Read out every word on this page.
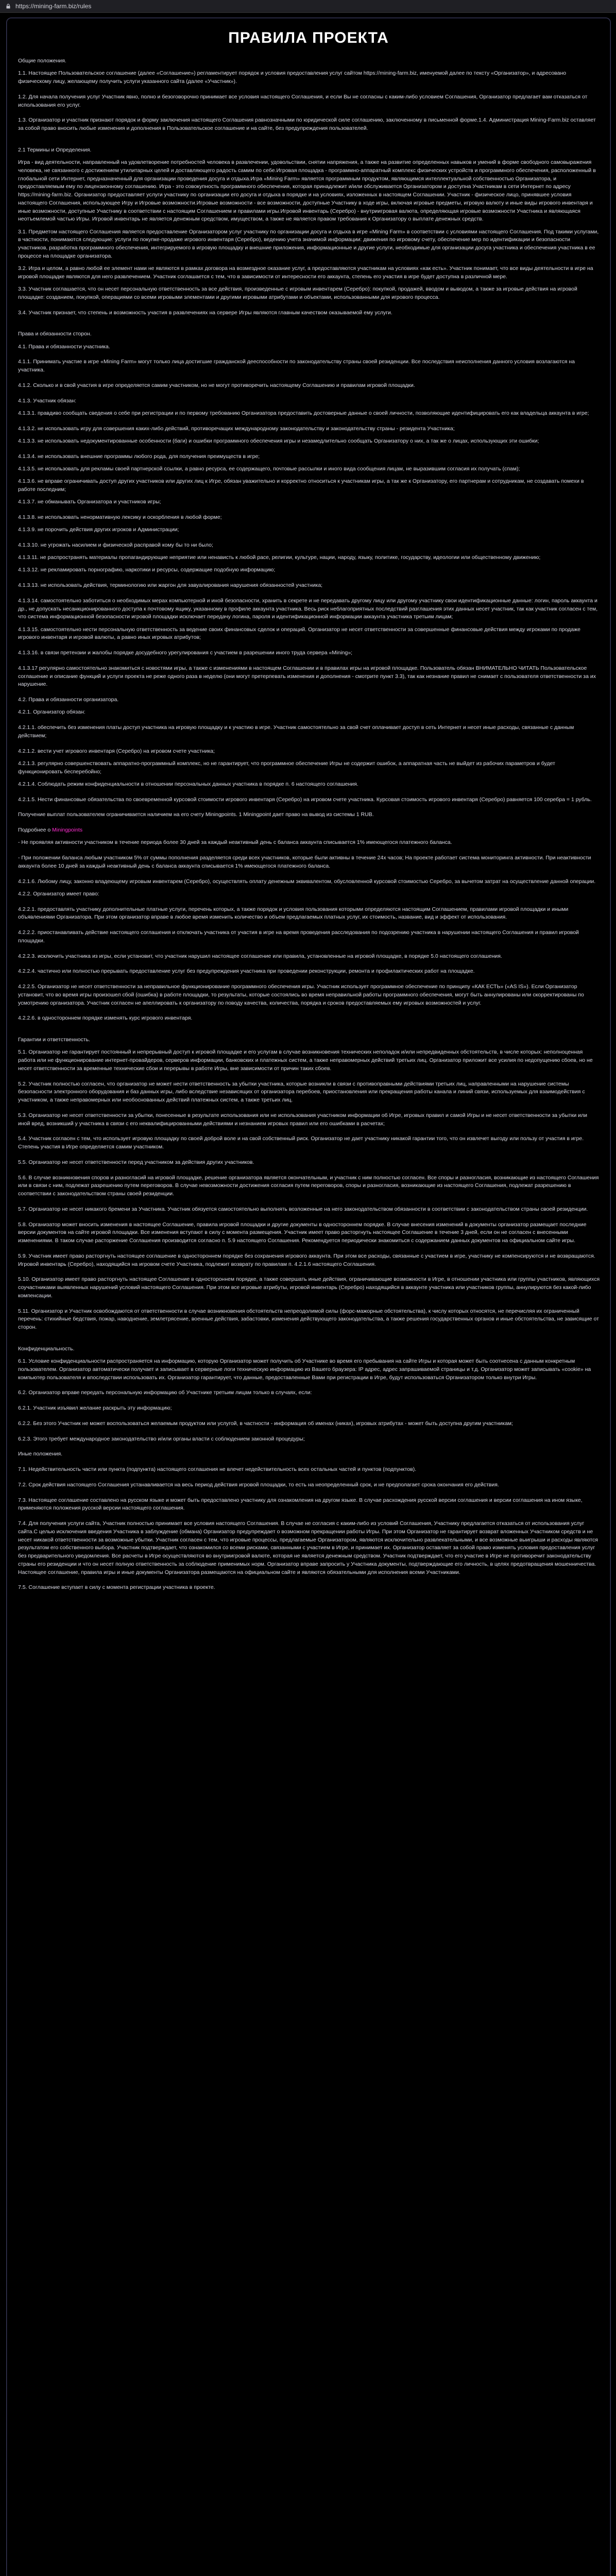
https://mining-farm.biz/rules
ПРАВИЛА ПРОЕКТА

Общие положения.

1.1. Настоящее Пользовательское соглашение (далее «Соглашение») регламентирует порядок и условия предоставления услуг сайтом https://mining-farm.biz, именуемой далее по тексту «Организатор», и адресовано физическому лицу, желающему получить услуги указанного сайта (далее «Участник»).

1.2. Для начала получения услуг Участник явно, полно и безоговорочно принимает все условия настоящего Соглашения, и если Вы не согласны с каким-либо условием Соглашения, Организатор предлагает вам отказаться от использования его услуг.

1.3. Организатор и участник признают порядок и форму заключения настоящего Соглашения равнозначными по юридической силе соглашению, заключенному в письменной форме.1.4. Администрация Mining-Farm.biz оставляет за собой право вносить любые изменения и дополнения в Пользовательское соглашение и на сайте, без предупреждения пользователей.

2.1 Термины и Определения.

Игра - вид деятельности, направленный на удовлетворение потребностей человека в развлечении, удовольствии, снятии напряжения, а также на развитие определенных навыков и умений в форме свободного самовыражения человека, не связанного с достижением утилитарных целей и доставляющего радость самим по себе.Игровая площадка - программно-аппаратный комплекс физических устройств и программного обеспечения, расположенный в глобальной сети Интернет, предназначенный для организации проведения досуга и отдыха.Игра «Mining Farm» является программным продуктом, являющимся интеллектуальной собственностью Организатора, и предоставляемым ему по лицензионному соглашению. Игра - это совокупность программного обеспечения, которая принадлежит и/или обслуживается Организатором и доступна Участникам в сети Интернет по адресу https://mining-farm.biz. Организатор предоставляет услуги участнику по организации его досуга и отдыха в порядке и на условиях, изложенных в настоящем Соглашении. Участник - физическое лицо, принявшее условия настоящего Соглашения, использующее Игру и Игровые возможности.Игровые возможности - все возможности, доступные Участнику в ходе игры, включая игровые предметы, игровую валюту и иные виды игрового инвентаря и иные возможности, доступные Участнику в соответствии с настоящим Соглашением и правилами игры.Игровой инвентарь (Серебро) - внутриигровая валюта, определяющая игровые возможности Участника и являющаяся неотъемлемой частью Игры. Игровой инвентарь не является денежным средством, имуществом, а также не является правом требования к Организатору о выплате денежных средств.

3.1. Предметом настоящего Соглашения является предоставление Организатором услуг участнику по организации досуга и отдыха в игре «Mining Farm» в соответствии с условиями настоящего Соглашения. Под такими услугами, в частности, понимаются следующие: услуги по покупке-продаже игрового инвентаря (Серебро), ведению учета значимой информации: движения по игровому счету, обеспечение мер по идентификации и безопасности участников, разработка программного обеспечения, интегрируемого в игровую площадку и внешние приложения, информационные и другие услуги, необходимые для организации досуга участника и обеспечения участника в ее процессе на площадке организатора.

3.2. Игра и целом, а равно любой ее элемент нами не являются в рамках договора на возмездное оказание услуг, а предоставляются участникам на условиях «как есть». Участник понимает, что все виды деятельности в игре на игровой площадке являются для него развлечением. Участник соглашается с тем, что в зависимости от интересности его аккаунта, степень его участия в игре будет доступна в различной мере.

3.3. Участник соглашается, что он несет персональную ответственность за все действия, произведенные с игровым инвентарем (Серебро): покупкой, продажей, вводом и выводом, а также за игровые действия на игровой площадке: созданием, покупкой, операциями со всеми игровыми элементами и другими игровыми атрибутами и объектами, использованными для игрового процесса.

3.4. Участник признает, что степень и возможность участия в развлечениях на сервере Игры являются главным качеством оказываемой ему услуги.

Права и обязанности сторон.

4.1. Права и обязанности участника.

4.1.1. Принимать участие в игре «Mining Farm» могут только лица достигшие гражданской дееспособности по законодательству страны своей резиденции. Все последствия неисполнения данного условия возлагаются на участника.

4.1.2. Сколько и в свой участия в игре определяется самим участником, но не могут противоречить настоящему Соглашению и правилам игровой площадки.

4.1.3. Участник обязан:

4.1.3.1. правдиво сообщать сведения о себе при регистрации и по первому требованию Организатора предоставить достоверные данные о своей личности, позволяющие идентифицировать его как владельца аккаунта в игре;

4.1.3.2. не использовать игру для совершения каких-либо действий, противоречащих международному законодательству и законодательству страны - резидента Участника;

4.1.3.3. не использовать недокументированные особенности (баги) и ошибки программного обеспечения игры и незамедлительно сообщать Организатору о них, а так же о лицах, использующих эти ошибки;

4.1.3.4. не использовать внешние программы любого рода, для получения преимуществ в игре;

4.1.3.5. не использовать для рекламы своей партнерской ссылки, а равно ресурса, ее содержащего, почтовые рассылки и иного вида сообщения лицам, не выразившим согласия их получать (спам);

4.1.3.6. не вправе ограничивать доступ других участников или других лиц к Игре, обязан уважительно и корректно относиться к участникам игры, а так же к Организатору, его партнерам и сотрудникам, не создавать помехи в работе последним;

4.1.3.7. не обманывать Организатора и участников игры;

4.1.3.8. не использовать ненормативную лексику и оскорбления в любой форме;

4.1.3.9. не порочить действия других игроков и Администрации;

4.1.3.10. не угрожать насилием и физической расправой кому бы то ни было;

4.1.3.11. не распространять материалы пропагандирующие неприятие или ненависть к любой расе, религии, культуре, нации, народу, языку, политике, государству, идеологии или общественному движению;

4.1.3.12. не рекламировать порнографию, наркотики и ресурсы, содержащие подобную информацию;

4.1.3.13. не использовать действия, терминологию или жаргон для завуалирования нарушения обязанностей участника;

4.1.3.14. самостоятельно заботиться о необходимых мерах компьютерной и иной безопасности, хранить в секрете и не передавать другому лицу или другому участнику свои идентификационные данные: логин, пароль аккаунта и др., не допускать несанкционированного доступа к почтовому ящику, указанному в профиле аккаунта участника. Весь риск неблагоприятных последствий разглашения этих данных несет участник, так как участник согласен с тем, что система информационной безопасности игровой площадки исключает передачу логина, пароля и идентификационной информации аккаунта участника третьим лицам;

4.1.3.15. самостоятельно нести персональную ответственность за ведение своих финансовых сделок и операций. Организатор не несет ответственности за совершенные финансовые действия между игроками по продаже игрового инвентаря и игровой валюты, а равно иных игровых атрибутов;

4.1.3.16. в связи претензии и жалобы порядке досудебного урегулирования с участием в разрешении иного труда сервера «Mining»;

4.1.3.17 регулярно самостоятельно знакомиться с новостями игры, а также с изменениями в настоящем Соглашении и в правилах игры на игровой площадке. Пользователь обязан ВНИМАТЕЛЬНО ЧИТАТЬ Пользовательское соглашение и описание функций и услуги проекта не реже одного раза в неделю (они могут претерпевать изменения и дополнения - смотрите пункт 3.3), так как незнание правил не снимает с пользователя ответственности за их нарушение.

4.2. Права и обязанности организатора.

4.2.1. Организатор обязан:

4.2.1.1. обеспечить без изменения платы доступ участника на игровую площадку и к участию в игре. Участник самостоятельно за свой счет оплачивает доступ в сеть Интернет и несет иные расходы, связанные с данным действием;

4.2.1.2. вести учет игрового инвентаря (Серебро) на игровом счете участника;

4.2.1.3. регулярно совершенствовать аппаратно-программный комплекс, но не гарантирует, что программное обеспечение Игры не содержит ошибок, а аппаратная часть не выйдет из рабочих параметров и будет функционировать бесперебойно;

4.2.1.4. Соблюдать режим конфиденциальности в отношении персональных данных участника в порядке п. 6 настоящего соглашения.

4.2.1.5. Нести финансовые обязательства по своевременной курсовой стоимости игрового инвентаря (Серебро) на игровом счете участника. Курсовая стоимость игрового инвентаря (Серебро) равняется 100 серебра = 1 рубль.

Получение выплат пользователем ограничивается наличием на его счету Miningpoints. 1 Miningpoint дает право на вывод из системы 1 RUB.

Подробнее о Miningpoints

- Не проявляя активности участником в течение периода более 30 дней за каждый неактивный день с баланса аккаунта списывается 1% имеющегося платежного баланса.

- При положении баланса любым участником 5% от суммы пополнения разделяется среди всех участников, которые были активны в течение 24х часов; На проекте работает система мониторинга активности. При неактивности аккаунта более 10 дней за каждый неактивный день с баланса аккаунта списывается 1% имеющегося платежного баланса.

4.2.1.6. Любому лицу, законно владеющему игровым инвентарем (Серебро), осуществлять оплату денежным эквивалентом, обусловленной курсовой стоимостью Серебро, за вычетом затрат на осуществление данной операции.

4.2.2. Организатор имеет право:

4.2.2.1. предоставлять участнику дополнительные платные услуги, перечень которых, а также порядок и условия пользования которыми определяются настоящим Соглашением, правилами игровой площадки и иными объявлениями Организатора. При этом организатор вправе в любое время изменить количество и объем предлагаемых платных услуг, их стоимость, название, вид и эффект от использования.

4.2.2.2. приостанавливать действие настоящего соглашения и отключать участника от участия в игре на время проведения расследования по подозрению участника в нарушении настоящего Соглашения и правил игровой площадки.

4.2.2.3. исключить участника из игры, если установит, что участник нарушил настоящее соглашение или правила, установленные на игровой площадке, в порядке 5.0 настоящего соглашения.

4.2.2.4. частично или полностью прерывать предоставление услуг без предупреждения участника при проведении реконструкции, ремонта и профилактических работ на площадке.

4.2.2.5. Организатор не несет ответственности за неправильное функционирование программного обеспечения игры. Участник использует программное обеспечение по принципу «КАК ЕСТЬ» («AS IS»). Если Организатор установит, что во время игры произошел сбой (ошибка) в работе площадки, то результаты, которые состоялись во время неправильной работы программного обеспечения, могут быть аннулированы или скорректированы по усмотрению организатора. Участник согласен не апеллировать к организатору по поводу качества, количества, порядка и сроков предоставляемых ему игровых возможностей и услуг.

4.2.2.6. в одностороннем порядке изменять курс игрового инвентаря.

Гарантии и ответственность.

5.1. Организатор не гарантирует постоянный и непрерывный доступ к игровой площадке и его услугам в случае возникновения технических неполадок и/или непредвиденных обстоятельств, в числе которых: неполноценная работа или не функционирование интернет-провайдеров, серверов информации, банковских и платежных систем, а также неправомерных действий третьих лиц. Организатор приложит все усилия по недопущению сбоев, но не несет ответственности за временные технические сбои и перерывы в работе Игры, вне зависимости от причин таких сбоев.

5.2. Участник полностью согласен, что организатор не может нести ответственность за убытки участника, которые возникли в связи с противоправными действиями третьих лиц, направленными на нарушение системы безопасности электронного оборудования и баз данных игры, либо вследствие независящих от организатора перебоев, приостановления или прекращения работы канала и линий связи, используемых для взаимодействия с участником, а также неправомерных или необоснованных действий платежных систем, а также третьих лиц.

5.3. Организатор не несет ответственности за убытки, понесенные в результате использования или не использования участником информации об Игре, игровых правил и самой Игры и не несет ответственности за убытки или иной вред, возникший у участника в связи с его неквалифицированными действиями и незнанием игровых правил или его ошибками в расчетах;

5.4. Участник согласен с тем, что использует игровую площадку по своей доброй воле и на свой собственный риск. Организатор не дает участнику никакой гарантии того, что он извлечет выгоду или пользу от участия в игре. Степень участия в Игре определяется самим участником.

5.5. Организатор не несет ответственности перед участником за действия других участников.

5.6. В случае возникновения споров и разногласий на игровой площадке, решение организатора является окончательным, и участник с ним полностью согласен. Все споры и разногласия, возникающие из настоящего Соглашения или в связи с ним, подлежат разрешению путем переговоров. В случае невозможности достижения согласия путем переговоров, споры и разногласия, возникающие из настоящего Соглашения, подлежат разрешению в соответствии с законодательством страны своей резиденции.

5.7. Организатор не несет никакого бремени за Участника. Участник обязуется самостоятельно выполнять возложенные на него законодательством обязанности в соответствии с законодательством страны своей резиденции.

5.8. Организатор может вносить изменения в настоящее Соглашение, правила игровой площадки и другие документы в одностороннем порядке. В случае внесения изменений в документы организатор размещает последние версии документов на сайте игровой площадки. Все изменения вступают в силу с момента размещения. Участник имеет право расторгнуть настоящее Соглашение в течение 3 дней, если он не согласен с внесенными изменениями. В таком случае расторжение Соглашения производится согласно п. 5.9 настоящего Соглашения. Рекомендуется периодически знакомиться с содержанием данных документов на официальном сайте игры.

5.9. Участник имеет право расторгнуть настоящее соглашение в одностороннем порядке без сохранения игрового аккаунта. При этом все расходы, связанные с участием в игре, участнику не компенсируются и не возвращаются. Игровой инвентарь (Серебро), находящийся на игровом счете Участника, подлежит возврату по правилам п. 4.2.1.6 настоящего Соглашения.

5.10. Организатор имеет право расторгнуть настоящее Соглашение в одностороннем порядке, а также совершать иные действия, ограничивающие возможности в Игре, в отношении участника или группы участников, являющихся соучастниками выявленных нарушений условий настоящего Соглашения. При этом все игровые атрибуты, игровой инвентарь (Серебро) находящийся в аккаунте участника или участников группы, аннулируются без какой-либо компенсации.

5.11. Организатор и Участник освобождаются от ответственности в случае возникновения обстоятельств непреодолимой силы (форс-мажорные обстоятельства), к числу которых относятся, не перечисляя их ограниченный перечень: стихийные бедствия, пожар, наводнение, землетрясение, военные действия, забастовки, изменения действующего законодательства, а также решения государственных органов и иные обстоятельства, не зависящие от сторон.

Конфиденциальность.

6.1. Условие конфиденциальности распространяется на информацию, которую Организатор может получить об Участнике во время его пребывания на сайте Игры и которая может быть соотнесена с данным конкретным пользователем. Организатор автоматически получает и записывает в серверные логи техническую информацию из Вашего браузера: IP адрес, адрес запрашиваемой страницы и т.д. Организатор может записывать «cookie» на компьютер пользователя и впоследствии использовать их. Организатор гарантирует, что данные, предоставленные Вами при регистрации в Игре, будут использоваться Организатором только внутри Игры.

6.2. Организатор вправе передать персональную информацию об Участнике третьим лицам только в случаях, если:

6.2.1. Участник изъявил желание раскрыть эту информацию;

6.2.2. Без этого Участник не может воспользоваться желаемым продуктом или услугой, в частности - информация об именах (никах), игровых атрибутах - может быть доступна другим участникам;

6.2.3. Этого требует международное законодательство и/или органы власти с соблюдением законной процедуры;

Иные положения.

7.1. Недействительность части или пункта (подпункта) настоящего соглашения не влечет недействительность всех остальных частей и пунктов (подпунктов).

7.2. Срок действия настоящего Соглашения устанавливается на весь период действия игровой площадки, то есть на неопределенный срок, и не предполагает срока окончания его действия.

7.3. Настоящее соглашение составлено на русском языке и может быть предоставлено участнику для ознакомления на другом языке. В случае расхождения русской версии соглашения и версии соглашения на ином языке, применяются положения русской версии настоящего соглашения.

7.4. Для получения услуги сайта, Участник полностью принимает все условия настоящего Соглашения. В случае не согласия с каким-либо из условий Соглашения, Участнику предлагается отказаться от использования услуг сайта.С целью исключения введения Участника в заблуждение (обмана) Организатор предупреждает о возможном прекращении работы Игры. При этом Организатор не гарантирует возврат вложенных Участником средств и не несет никакой ответственности за возможные убытки. Участник согласен с тем, что игровые процессы, предлагаемые Организатором, являются исключительно развлекательными, и все возможные выигрыши и расходы являются результатом его собственного выбора. Участник подтверждает, что ознакомился со всеми рисками, связанными с участием в Игре, и принимает их. Организатор оставляет за собой право изменять условия предоставления услуг без предварительного уведомления. Все расчеты в Игре осуществляются во внутриигровой валюте, которая не является денежным средством. Участник подтверждает, что его участие в Игре не противоречит законодательству страны его резиденции и что он несет полную ответственность за соблюдение применимых норм. Организатор вправе запросить у Участника документы, подтверждающие его личность, в целях предотвращения мошенничества. Настоящее соглашение, правила игры и иные документы Организатора размещаются на официальном сайте и являются обязательными для исполнения всеми Участниками.

7.5. Соглашение вступает в силу с момента регистрации участника в проекте.
